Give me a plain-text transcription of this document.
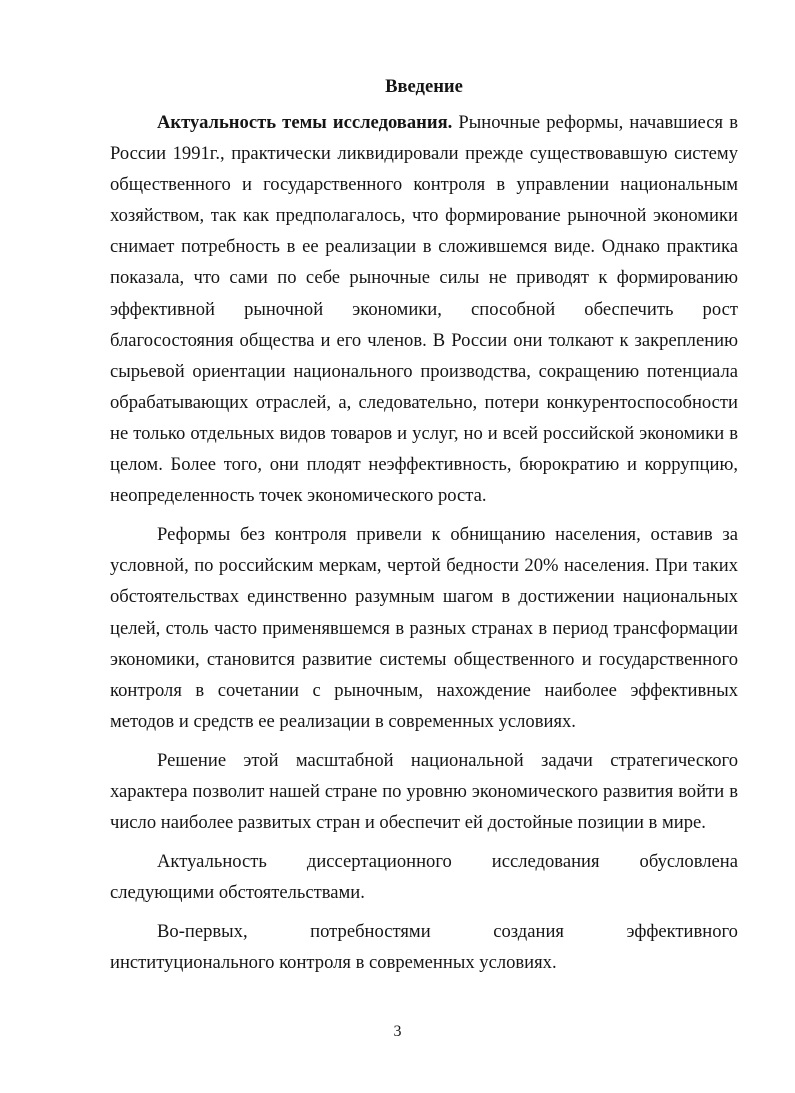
Введение

Актуальность темы исследования. Рыночные реформы, начавшиеся в России 1991г., практически ликвидировали прежде существовавшую систему общественного и государственного контроля в управлении национальным хозяйством, так как предполагалось, что формирование рыночной экономики снимает потребность в ее реализации в сложившемся виде. Однако практика показала, что сами по себе рыночные силы не приводят к формированию эффективной рыночной экономики, способной обеспечить рост благосостояния общества и его членов. В России они толкают к закреплению сырьевой ориентации национального производства, сокращению потенциала обрабатывающих отраслей, а, следовательно, потери конкурентоспособности не только отдельных видов товаров и услуг, но и всей российской экономики в целом. Более того, они плодят неэффективность, бюрократию и коррупцию, неопределенность точек экономического роста.

Реформы без контроля привели к обнищанию населения, оставив за условной, по российским меркам, чертой бедности 20% населения. При таких обстоятельствах единственно разумным шагом в достижении национальных целей, столь часто применявшемся в разных странах в период трансформации экономики, становится развитие системы общественного и государственного контроля в сочетании с рыночным, нахождение наиболее эффективных методов и средств ее реализации в современных условиях.

Решение этой масштабной национальной задачи стратегического характера позволит нашей стране по уровню экономического развития войти в число наиболее развитых стран и обеспечит ей достойные позиции в мире.

Актуальность диссертационного исследования обусловлена

следующими обстоятельствами.

Во-первых,	потребностями	создания	эффективного

институционального контроля в современных условиях.

3
